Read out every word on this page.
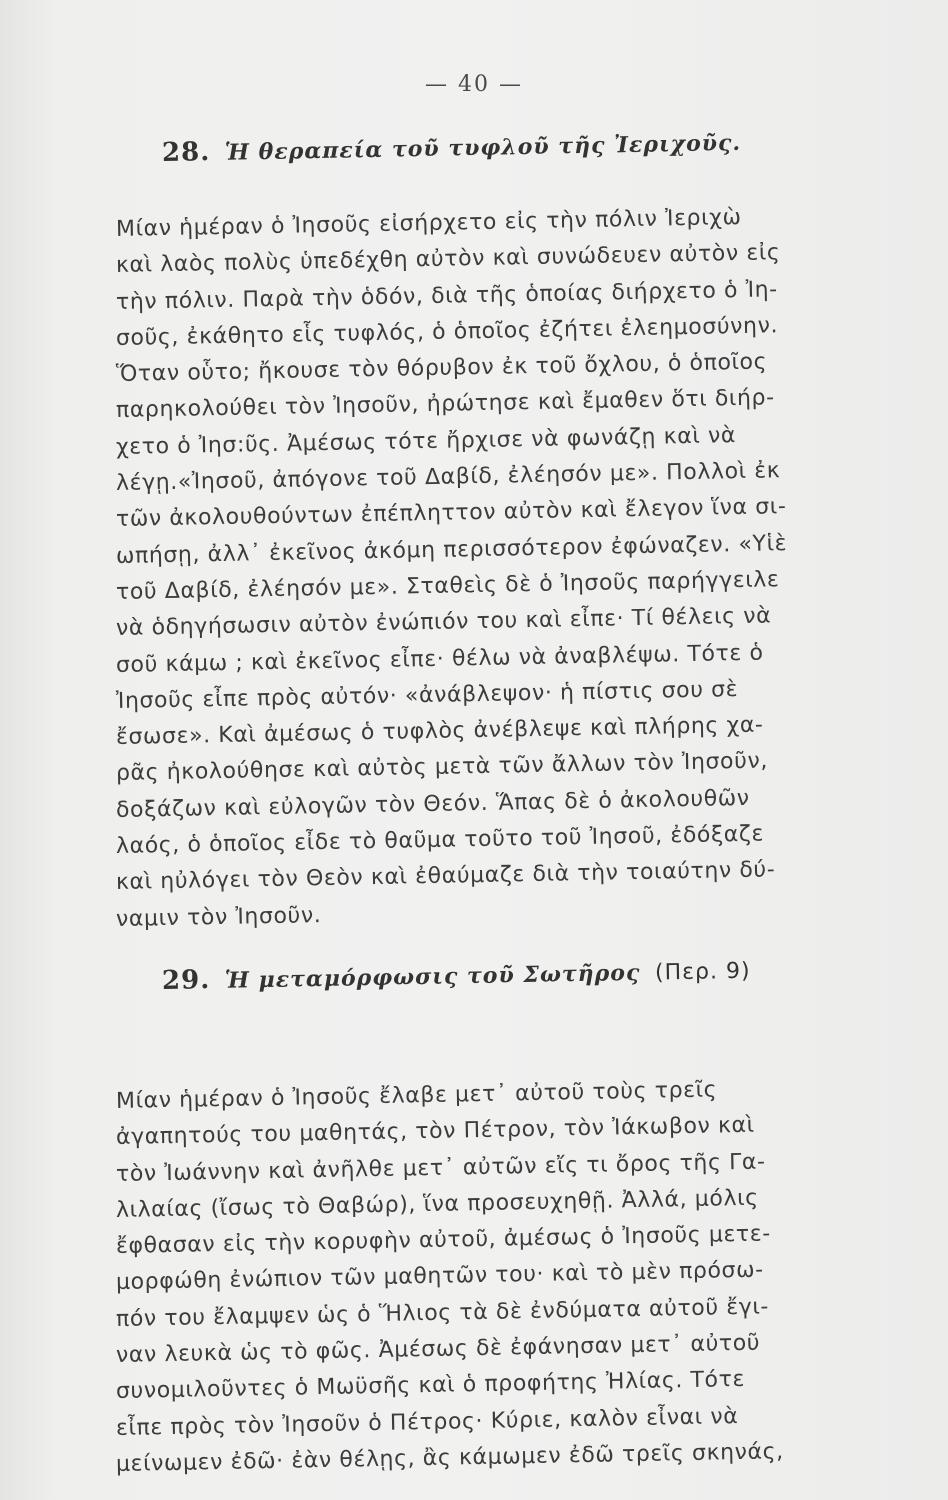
— 40 —
28. Ἡ θεραπεία τοῦ τυφλοῦ τῆς Ἰεριχοῦς.
Μίαν ἡμέραν ὁ Ἰησοῦς εἰσήρχετο εἰς τὴν πόλιν Ἰεριχὼ
καὶ λαὸς πολὺς ὑπεδέχθη αὐτὸν καὶ συνώδευεν αὐτὸν εἰς
τὴν πόλιν. Παρὰ τὴν ὁδόν, διὰ τῆς ὁποίας διήρχετο ὁ Ἰη-
σοῦς, ἐκάθητο εἷς τυφλός, ὁ ὁποῖος ἐζήτει ἐλεημοσύνην.
Ὅταν οὗτο; ἤκουσε τὸν θόρυβον ἐκ τοῦ ὄχλου, ὁ ὁποῖος
παρηκολούθει τὸν Ἰησοῦν, ἠρώτησε καὶ ἔμαθεν ὅτι διήρ-
χετο ὁ Ἰησ:ῦς. Ἀμέσως τότε ἤρχισε νὰ φωνάζῃ καὶ νὰ
λέγῃ.«Ἰησοῦ, ἀπόγονε τοῦ Δαβίδ, ἐλέησόν με». Πολλοὶ ἐκ
τῶν ἀκολουθούντων ἐπέπληττον αὐτὸν καὶ ἔλεγον ἵνα σι-
ωπήσῃ, ἀλλ᾽ ἐκεῖνος ἀκόμη περισσότερον ἐφώναζεν. «Υἱὲ
τοῦ Δαβίδ, ἐλέησόν με». Σταθεὶς δὲ ὁ Ἰησοῦς παρήγγειλε
νὰ ὁδηγήσωσιν αὐτὸν ἐνώπιόν του καὶ εἶπε· Τί θέλεις νὰ
σοῦ κάμω ; καὶ ἐκεῖνος εἶπε· θέλω νὰ ἀναβλέψω. Τότε ὁ
Ἰησοῦς εἶπε πρὸς αὐτόν· «ἀνάβλεψον· ἡ πίστις σου σὲ
ἔσωσε». Καὶ ἀμέσως ὁ τυφλὸς ἀνέβλεψε καὶ πλήρης χα-
ρᾶς ἠκολούθησε καὶ αὐτὸς μετὰ τῶν ἄλλων τὸν Ἰησοῦν,
δοξάζων καὶ εὐλογῶν τὸν Θεόν. Ἅπας δὲ ὁ ἀκολουθῶν
λαός, ὁ ὁποῖος εἶδε τὸ θαῦμα τοῦτο τοῦ Ἰησοῦ, ἐδόξαζε
καὶ ηὐλόγει τὸν Θεὸν καὶ ἐθαύμαζε διὰ τὴν τοιαύτην δύ-
ναμιν τὸν Ἰησοῦν.
29. Ἡ μεταμόρφωσις τοῦ Σωτῆρος (Περ. 9)
Μίαν ἡμέραν ὁ Ἰησοῦς ἔλαβε μετ᾽ αὐτοῦ τοὺς τρεῖς
ἀγαπητούς του μαθητάς, τὸν Πέτρον, τὸν Ἰάκωβον καὶ
τὸν Ἰωάννην καὶ ἀνῆλθε μετ᾽ αὐτῶν εἴς τι ὄρος τῆς Γα-
λιλαίας (ἴσως τὸ Θαβώρ), ἵνα προσευχηθῇ. Ἀλλά, μόλις
ἔφθασαν εἰς τὴν κορυφὴν αὐτοῦ, ἀμέσως ὁ Ἰησοῦς μετε-
μορφώθη ἐνώπιον τῶν μαθητῶν του· καὶ τὸ μὲν πρόσω-
πόν του ἔλαμψεν ὡς ὁ Ἥλιος τὰ δὲ ἐνδύματα αὐτοῦ ἔγι-
ναν λευκὰ ὡς τὸ φῶς. Ἀμέσως δὲ ἐφάνησαν μετ᾽ αὐτοῦ
συνομιλοῦντες ὁ Μωϋσῆς καὶ ὁ προφήτης Ἠλίας. Τότε
εἶπε πρὸς τὸν Ἰησοῦν ὁ Πέτρος· Κύριε, καλὸν εἶναι νὰ
μείνωμεν ἐδῶ· ἐὰν θέλῃς, ἂς κάμωμεν ἐδῶ τρεῖς σκηνάς,
